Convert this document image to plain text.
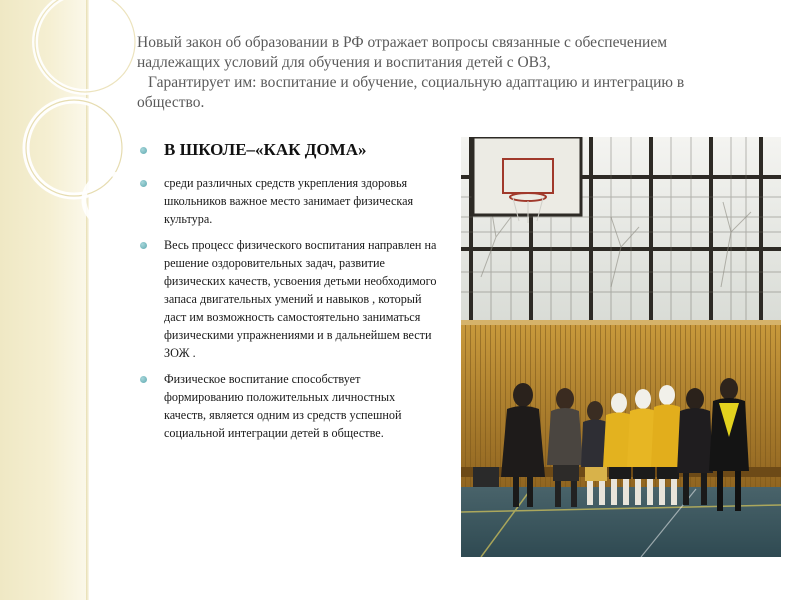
Новый закон об образовании в РФ отражает вопросы связанные с обеспечением
надлежащих условий для обучения и воспитания детей с ОВЗ,
Гарантирует им: воспитание и обучение, социальную адаптацию и интеграцию в
общество.
В ШКОЛЕ–«КАК ДОМА»
среди различных средств укрепления здоровья школьников важное место занимает физическая культура.
Весь процесс физического воспитания направлен на решение оздоровительных задач, развитие физических качеств, усвоения детьми необходимого запаса двигательных умений и навыков , который даст им возможность самостоятельно заниматься физическими упражнениями и в дальнейшем вести ЗОЖ .
Физическое воспитание способствует формированию положительных личностных качеств, является одним из средств успешной социальной интеграции детей в обществе.
